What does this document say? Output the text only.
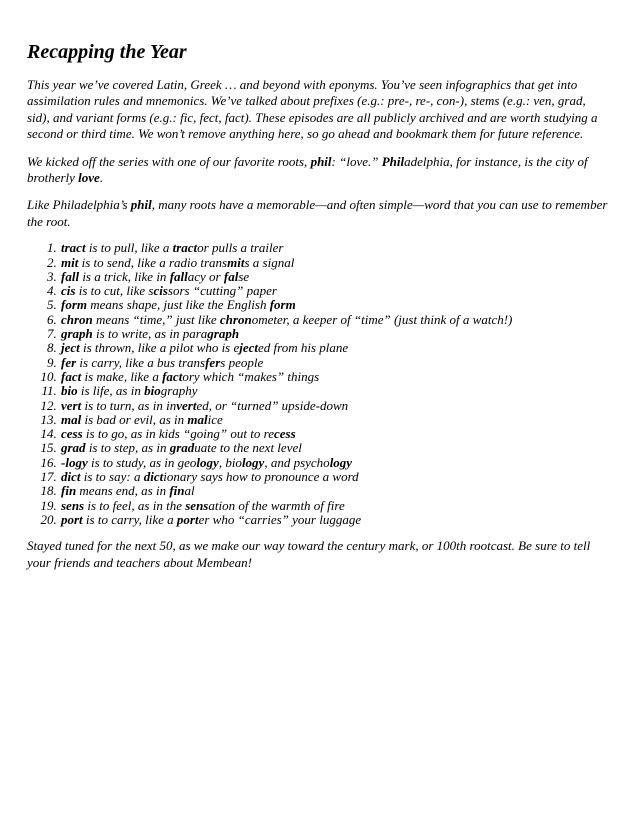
Recapping the Year

This year we’ve covered Latin, Greek … and beyond with eponyms. You’ve seen infographics that get into assimilation rules and mnemonics. We’ve talked about prefixes (e.g.: pre-, re-, con-), stems (e.g.: ven, grad, sid), and variant forms (e.g.: fic, fect, fact). These episodes are all publicly archived and are worth studying a second or third time. We won’t remove anything here, so go ahead and bookmark them for future reference.

We kicked off the series with one of our favorite roots, phil: “love.” Philadelphia, for instance, is the city of brotherly love.

Like Philadelphia’s phil, many roots have a memorable—and often simple—word that you can use to remember the root.

1. tract is to pull, like a tractor pulls a trailer
2. mit is to send, like a radio transmits a signal
3. fall is a trick, like in fallacy or false
4. cis is to cut, like scissors “cutting” paper
5. form means shape, just like the English form
6. chron means “time,” just like chronometer, a keeper of “time” (just think of a watch!)
7. graph is to write, as in paragraph
8. ject is thrown, like a pilot who is ejected from his plane
9. fer is carry, like a bus transfers people
10. fact is make, like a factory which “makes” things
11. bio is life, as in biography
12. vert is to turn, as in inverted, or “turned” upside-down
13. mal is bad or evil, as in malice
14. cess is to go, as in kids “going” out to recess
15. grad is to step, as in graduate to the next level
16. -logy is to study, as in geology, biology, and psychology
17. dict is to say: a dictionary says how to pronounce a word
18. fin means end, as in final
19. sens is to feel, as in the sensation of the warmth of fire
20. port is to carry, like a porter who “carries” your luggage

Stayed tuned for the next 50, as we make our way toward the century mark, or 100th rootcast. Be sure to tell your friends and teachers about Membean!
